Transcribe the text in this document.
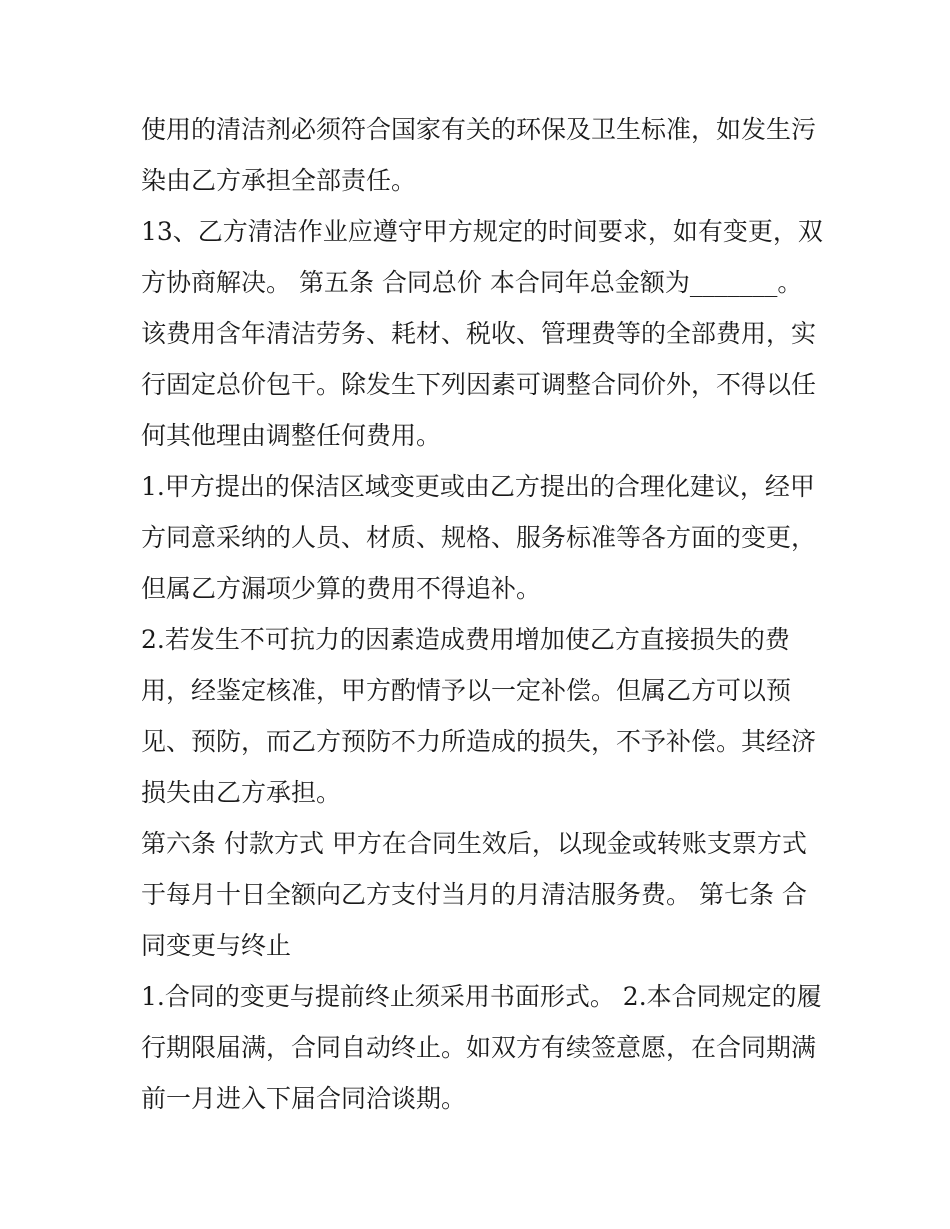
使用的清洁剂必须符合国家有关的环保及卫生标准，如发生污
染由乙方承担全部责任。

13、乙方清洁作业应遵守甲方规定的时间要求，如有变更，双
方协商解决。 第五条 合同总价 本合同年总金额为_______。
该费用含年清洁劳务、耗材、税收、管理费等的全部费用，实
行固定总价包干。除发生下列因素可调整合同价外，不得以任
何其他理由调整任何费用。

1.甲方提出的保洁区域变更或由乙方提出的合理化建议，经甲
方同意采纳的人员、材质、规格、服务标准等各方面的变更，
但属乙方漏项少算的费用不得追补。

2.若发生不可抗力的因素造成费用增加使乙方直接损失的费
用，经鉴定核准，甲方酌情予以一定补偿。但属乙方可以预
见、预防，而乙方预防不力所造成的损失，不予补偿。其经济
损失由乙方承担。

第六条 付款方式 甲方在合同生效后，以现金或转账支票方式
于每月十日全额向乙方支付当月的月清洁服务费。 第七条 合
同变更与终止

1.合同的变更与提前终止须采用书面形式。 2.本合同规定的履
行期限届满，合同自动终止。如双方有续签意愿，在合同期满
前一月进入下届合同洽谈期。
